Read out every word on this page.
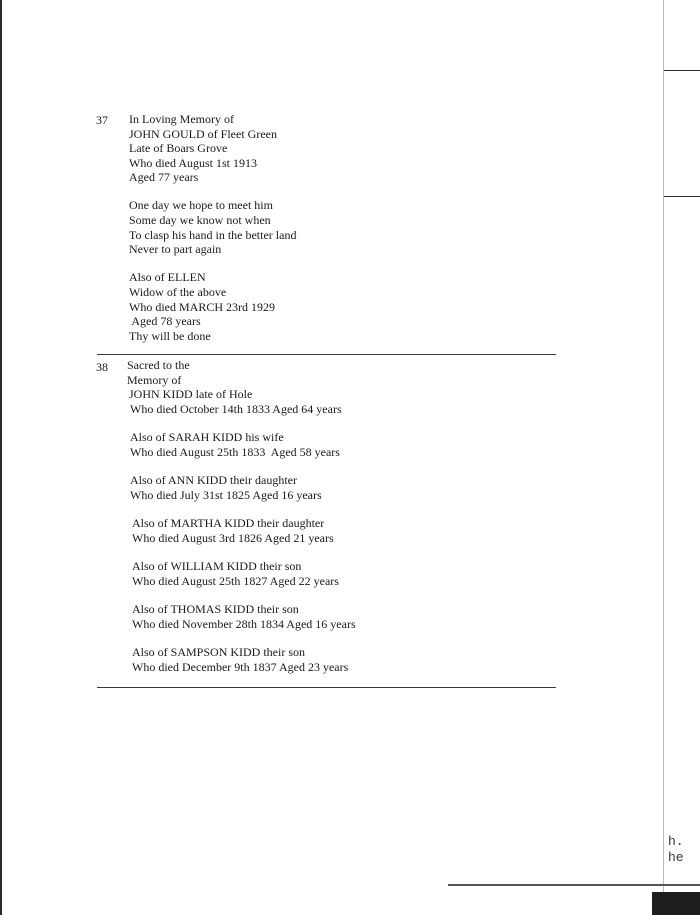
37 In Loving Memory of
JOHN GOULD of Fleet Green
Late of Boars Grove
Who died August 1st 1913
Aged 77 years
One day we hope to meet him
Some day we know not when
To clasp his hand in the better land
Never to part again
Also of ELLEN
Widow of the above
Who died MARCH 23rd 1929
Aged 78 years
Thy will be done
38 Sacred to the
Memory of
JOHN KIDD late of Hole
Who died October 14th 1833 Aged 64 years
Also of SARAH KIDD his wife
Who died August 25th 1833  Aged 58 years
Also of ANN KIDD their daughter
Who died July 31st 1825 Aged 16 years
Also of MARTHA KIDD their daughter
Who died August 3rd 1826 Aged 21 years
Also of WILLIAM KIDD their son
Who died August 25th 1827 Aged 22 years
Also of THOMAS KIDD their son
Who died November 28th 1834 Aged 16 years
Also of SAMPSON KIDD their son
Who died December 9th 1837 Aged 23 years
h.
he
